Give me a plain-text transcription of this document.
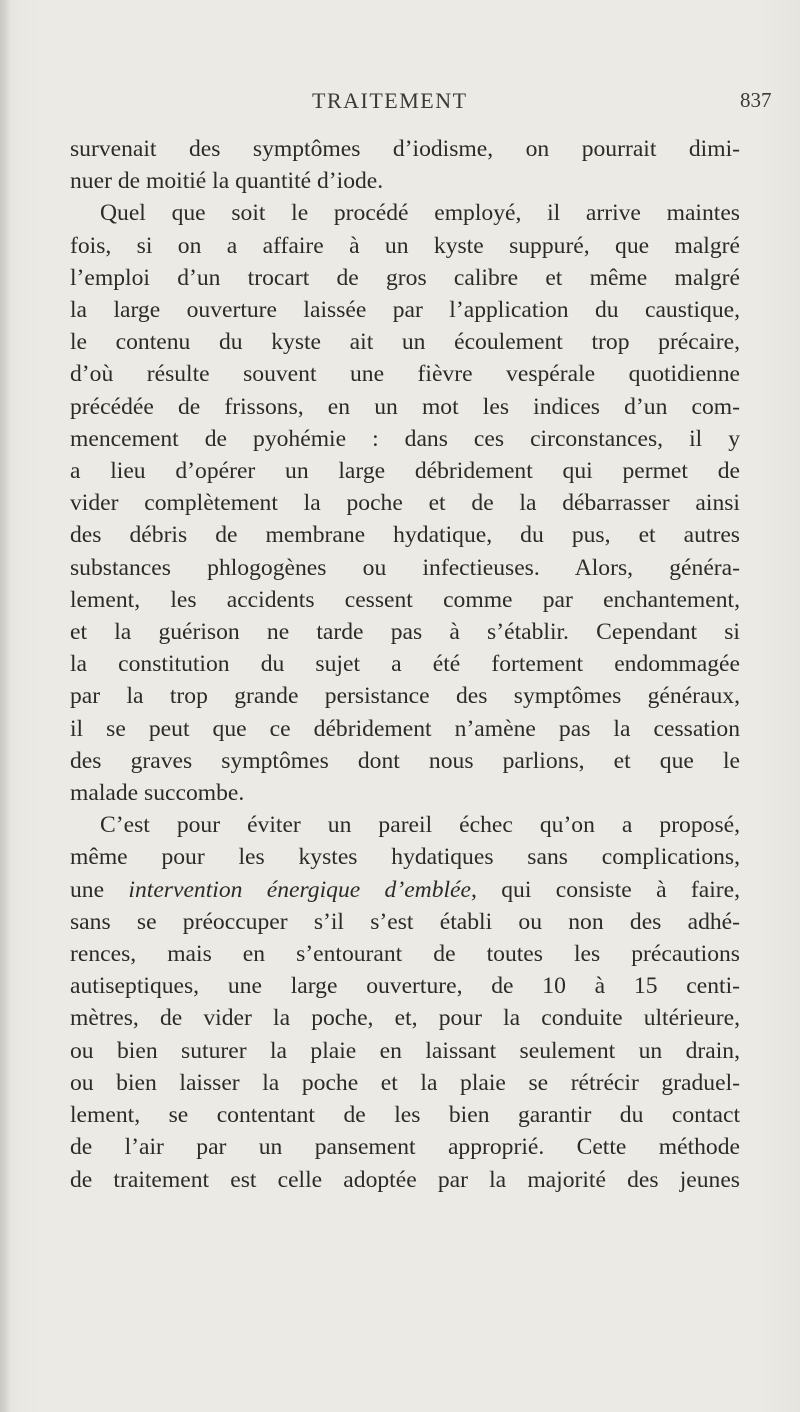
TRAITEMENT	837

survenait des symptômes d’iodisme, on pourrait dimi-
nuer de moitié la quantité d’iode.

Quel que soit le procédé employé, il arrive maintes
fois, si on a affaire à un kyste suppuré, que malgré
l’emploi d’un trocart de gros calibre et même malgré
la large ouverture laissée par l’application du caustique,
le contenu du kyste ait un écoulement trop précaire,
d’où résulte souvent une fièvre vespérale quotidienne
précédée de frissons, en un mot les indices d’un com-
mencement de pyohémie : dans ces circonstances, il y
a lieu d’opérer un large débridement qui permet de
vider complètement la poche et de la débarrasser ainsi
des débris de membrane hydatique, du pus, et autres
substances phlogogènes ou infectieuses. Alors, généra-
lement, les accidents cessent comme par enchantement,
et la guérison ne tarde pas à s’établir. Cependant si
la constitution du sujet a été fortement endommagée
par la trop grande persistance des symptômes généraux,
il se peut que ce débridement n’amène pas la cessation
des graves symptômes dont nous parlions, et que le
malade succombe.

C’est pour éviter un pareil échec qu’on a proposé,
même pour les kystes hydatiques sans complications,
une intervention énergique d’emblée, qui consiste à faire,
sans se préoccuper s’il s’est établi ou non des adhé-
rences, mais en s’entourant de toutes les précautions
autiseptiques, une large ouverture, de 10 à 15 centi-
mètres, de vider la poche, et, pour la conduite ultérieure,
ou bien suturer la plaie en laissant seulement un drain,
ou bien laisser la poche et la plaie se rétrécir graduel-
lement, se contentant de les bien garantir du contact
de l’air par un pansement approprié. Cette méthode
de traitement est celle adoptée par la majorité des jeunes
